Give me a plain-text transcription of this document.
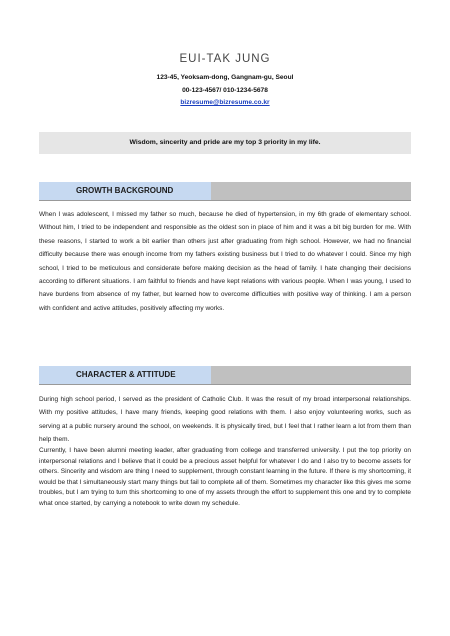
EUI-TAK JUNG
123-45, Yeoksam-dong, Gangnam-gu, Seoul
00-123-4567/ 010-1234-5678
bizresume@bizresume.co.kr
Wisdom, sincerity and pride are my top 3 priority in my life.
GROWTH BACKGROUND

When I was adolescent, I missed my father so much, because he died of hypertension, in my 6th grade of elementary school. Without him, I tried to be independent and responsible as the oldest son in place of him and it was a bit big burden for me. With these reasons, I started to work a bit earlier than others just after graduating from high school. However, we had no financial difficulty because there was enough income from my fathers existing business but I tried to do whatever I could. Since my high school, I tried to be meticulous and considerate before making decision as the head of family. I hate changing their decisions according to different situations. I am faithful to friends and have kept relations with various people. When I was young, I used to have burdens from absence of my father, but learned how to overcome difficulties with positive way of thinking. I am a person with confident and active attitudes, positively affecting my works.

CHARACTER & ATTITUDE

During high school period, I served as the president of Catholic Club. It was the result of my broad interpersonal relationships. With my positive attitudes, I have many friends, keeping good relations with them. I also enjoy volunteering works, such as serving at a public nursery around the school, on weekends. It is physically tired, but I feel that I rather learn a lot from them than help them.

Currently, I have been alumni meeting leader, after graduating from college and transferred university. I put the top priority on interpersonal relations and I believe that it could be a precious asset helpful for whatever I do and I also try to become assets for others. Sincerity and wisdom are thing I need to supplement, through constant learning in the future. If there is my shortcoming, it would be that I simultaneously start many things but fail to complete all of them. Sometimes my character like this gives me some troubles, but I am trying to turn this shortcoming to one of my assets through the effort to supplement this one and try to complete what once started, by carrying a notebook to write down my schedule.
